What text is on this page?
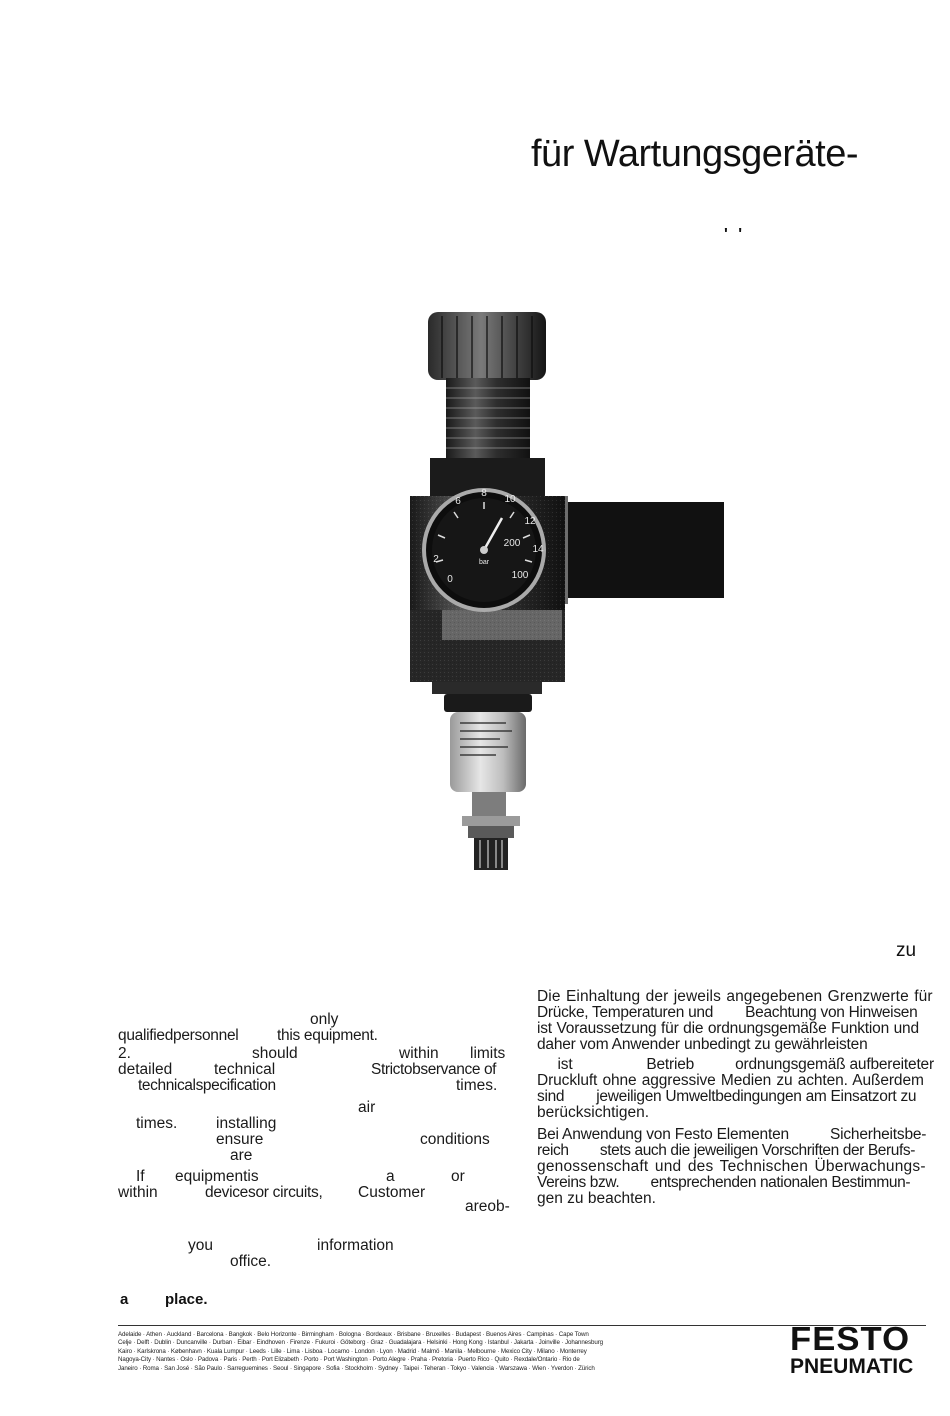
für Wartungsgeräte-
' '
6
8
10
12
14
2
200
100
0
bar
zu
only
qualifiedpersonnel this equipment.
2.	should	within limits
detailed	technical	Strictobservance of
technicalspecification	times.
air
times. installing
ensure	conditions
are
If equipmentis	a	or
within	devicesor circuits, Customer
areob-
you	information
office.
a place.
Die Einhaltung der jeweils angegebenen Grenzwerte für
Drücke, Temperaturen und        Beachtung von Hinweisen
ist Voraussetzung für die ordnungsgemäße Funktion und
daher vom Anwender unbedingt zu gewährleisten
ist                  Betrieb          ordnungsgemäß aufbereiteter
Druckluft ohne aggressive Medien zu achten. Außerdem
sind        jeweiligen Umweltbedingungen am Einsatzort zu
berücksichtigen.
Bei Anwendung von Festo Elementen          Sicherheitsbe-
reich        stets auch die jeweiligen Vorschriften der Berufs-
genossenschaft und des Technischen Überwachungs-
Vereins bzw.        entsprechenden nationalen Bestimmun-
gen zu beachten.
Adelaide · Athen · Auckland · Barcelona · Bangkok · Belo Horizonte · Birmingham · Bologna · Bordeaux · Brisbane · Bruxelles · Budapest · Buenos Aires · Campinas · Cape Town
Celje · Delft · Dublin · Duncanville · Durban · Eibar · Eindhoven · Firenze · Fukuroi · Göteborg · Graz · Guadalajara · Helsinki · Hong Kong · Istanbul · Jakarta · Joinville · Johannesburg
Kairo · Karlskrona · København · Kuala Lumpur · Leeds · Lille · Lima · Lisboa · Locarno · London · Lyon · Madrid · Malmö · Manila · Melbourne · Mexico City · Milano · Monterrey
Nagoya-City · Nantes · Oslo · Padova · Paris · Perth · Port Elizabeth · Porto · Port Washington · Porto Alegre · Praha · Pretoria · Puerto Rico · Quito · Rexdale/Ontario · Rio de
Janeiro · Roma · San José · São Paulo · Sarreguemines · Seoul · Singapore · Sofia · Stockholm · Sydney · Taipei · Teheran · Tokyo · Valencia · Warszawa · Wien · Yverdon · Zürich
FESTO
PNEUMATIC
